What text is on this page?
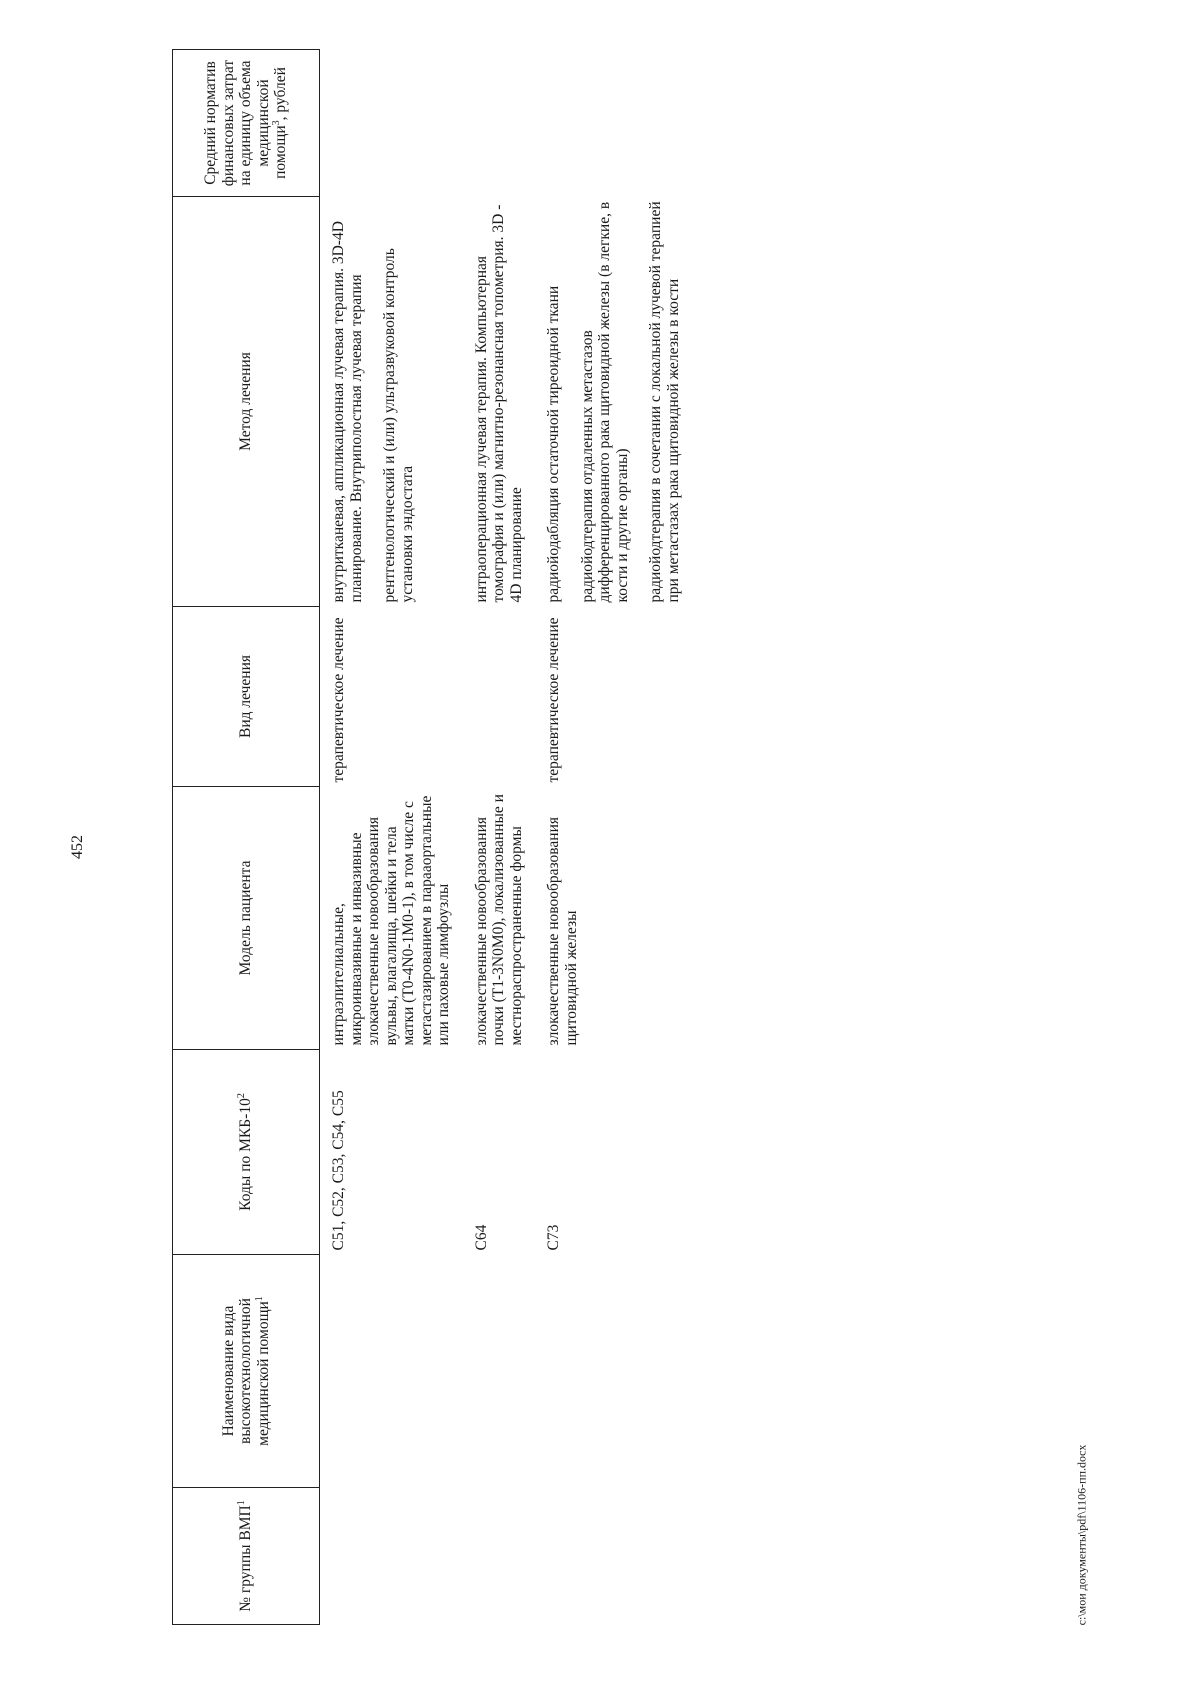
452
№ группы ВМП$^1$	Наименование вида высокотехнологичной медицинской помощи$^1$	Коды по МКБ-$10^2$	Модель пациента	Вид лечения	Метод лечения	Средний норматив финансовых затрат на единицу объема медицинской помощи$^3$, рублей
		C51, C52, C53, C54, C55	интраэпителиальные, микроинвазивные и инвазивные злокачественные новообразования вульвы, влагалища, шейки и тела матки (T0-4N0-1M0-1), в том числе с метастазированием в парааортальные или паховые лимфоузлы	терапевтическое лечение	внутритканевая, аппликационная лучевая терапия. 3D-4D планирование. Внутриполостная лучевая терапия рентгенологический и (или) ультразвуковой контроль установки эндостата	

		C64	злокачественные новообразования почки (T1-3N0M0), локализованные и местнораспространенные формы		интраоперационная лучевая терапия. Компьютерная томография и (или) магнитно-резонансная топометрия. 3D - 4D планирование	

		C73	злокачественные новообразования щитовидной железы	терапевтическое лечение	радиойодабляция остаточной тиреоидной ткани радиойодтерапия отдаленных метастазов дифференцированного рака щитовидной железы (в легкие, в кости и другие органы) радиойодтерапия в сочетании с локальной лучевой терапией при метастазах рака щитовидной железы в кости	

c:\мои документы\pdf\1106-пп.docx
